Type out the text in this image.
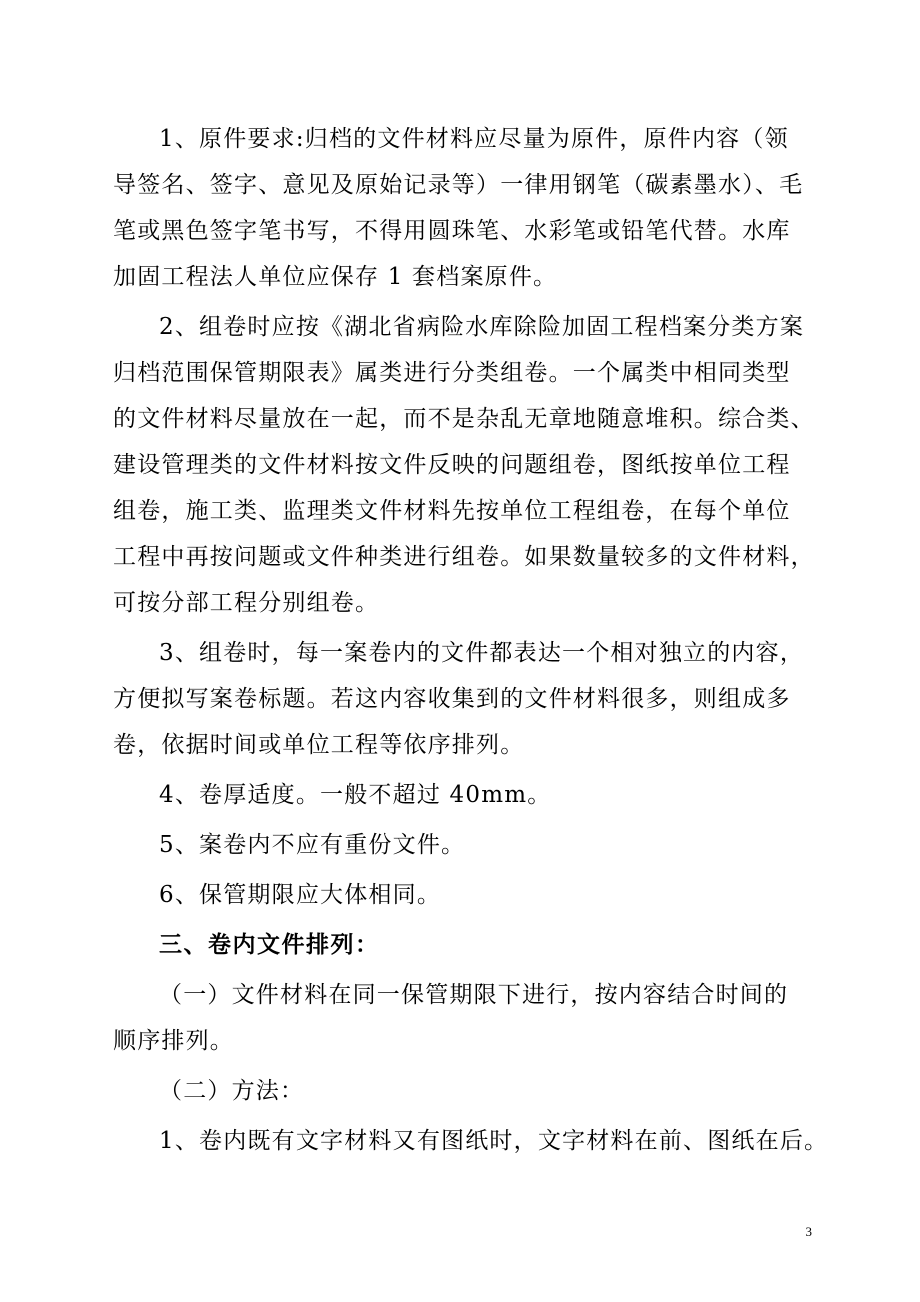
1、原件要求:归档的文件材料应尽量为原件，原件内容（领
导签名、签字、意见及原始记录等）一律用钢笔（碳素墨水）、毛
笔或黑色签字笔书写，不得用圆珠笔、水彩笔或铅笔代替。水库
加固工程法人单位应保存 1 套档案原件。

2、组卷时应按《湖北省病险水库除险加固工程档案分类方案
归档范围保管期限表》属类进行分类组卷。一个属类中相同类型
的文件材料尽量放在一起，而不是杂乱无章地随意堆积。综合类、
建设管理类的文件材料按文件反映的问题组卷，图纸按单位工程
组卷，施工类、监理类文件材料先按单位工程组卷，在每个单位
工程中再按问题或文件种类进行组卷。如果数量较多的文件材料，
可按分部工程分别组卷。

3、组卷时，每一案卷内的文件都表达一个相对独立的内容，
方便拟写案卷标题。若这内容收集到的文件材料很多，则组成多
卷，依据时间或单位工程等依序排列。

4、卷厚适度。一般不超过 40mm。

5、案卷内不应有重份文件。

6、保管期限应大体相同。

三、卷内文件排列：

（一）文件材料在同一保管期限下进行，按内容结合时间的
顺序排列。

（二）方法：

1、卷内既有文字材料又有图纸时，文字材料在前、图纸在后。

3
